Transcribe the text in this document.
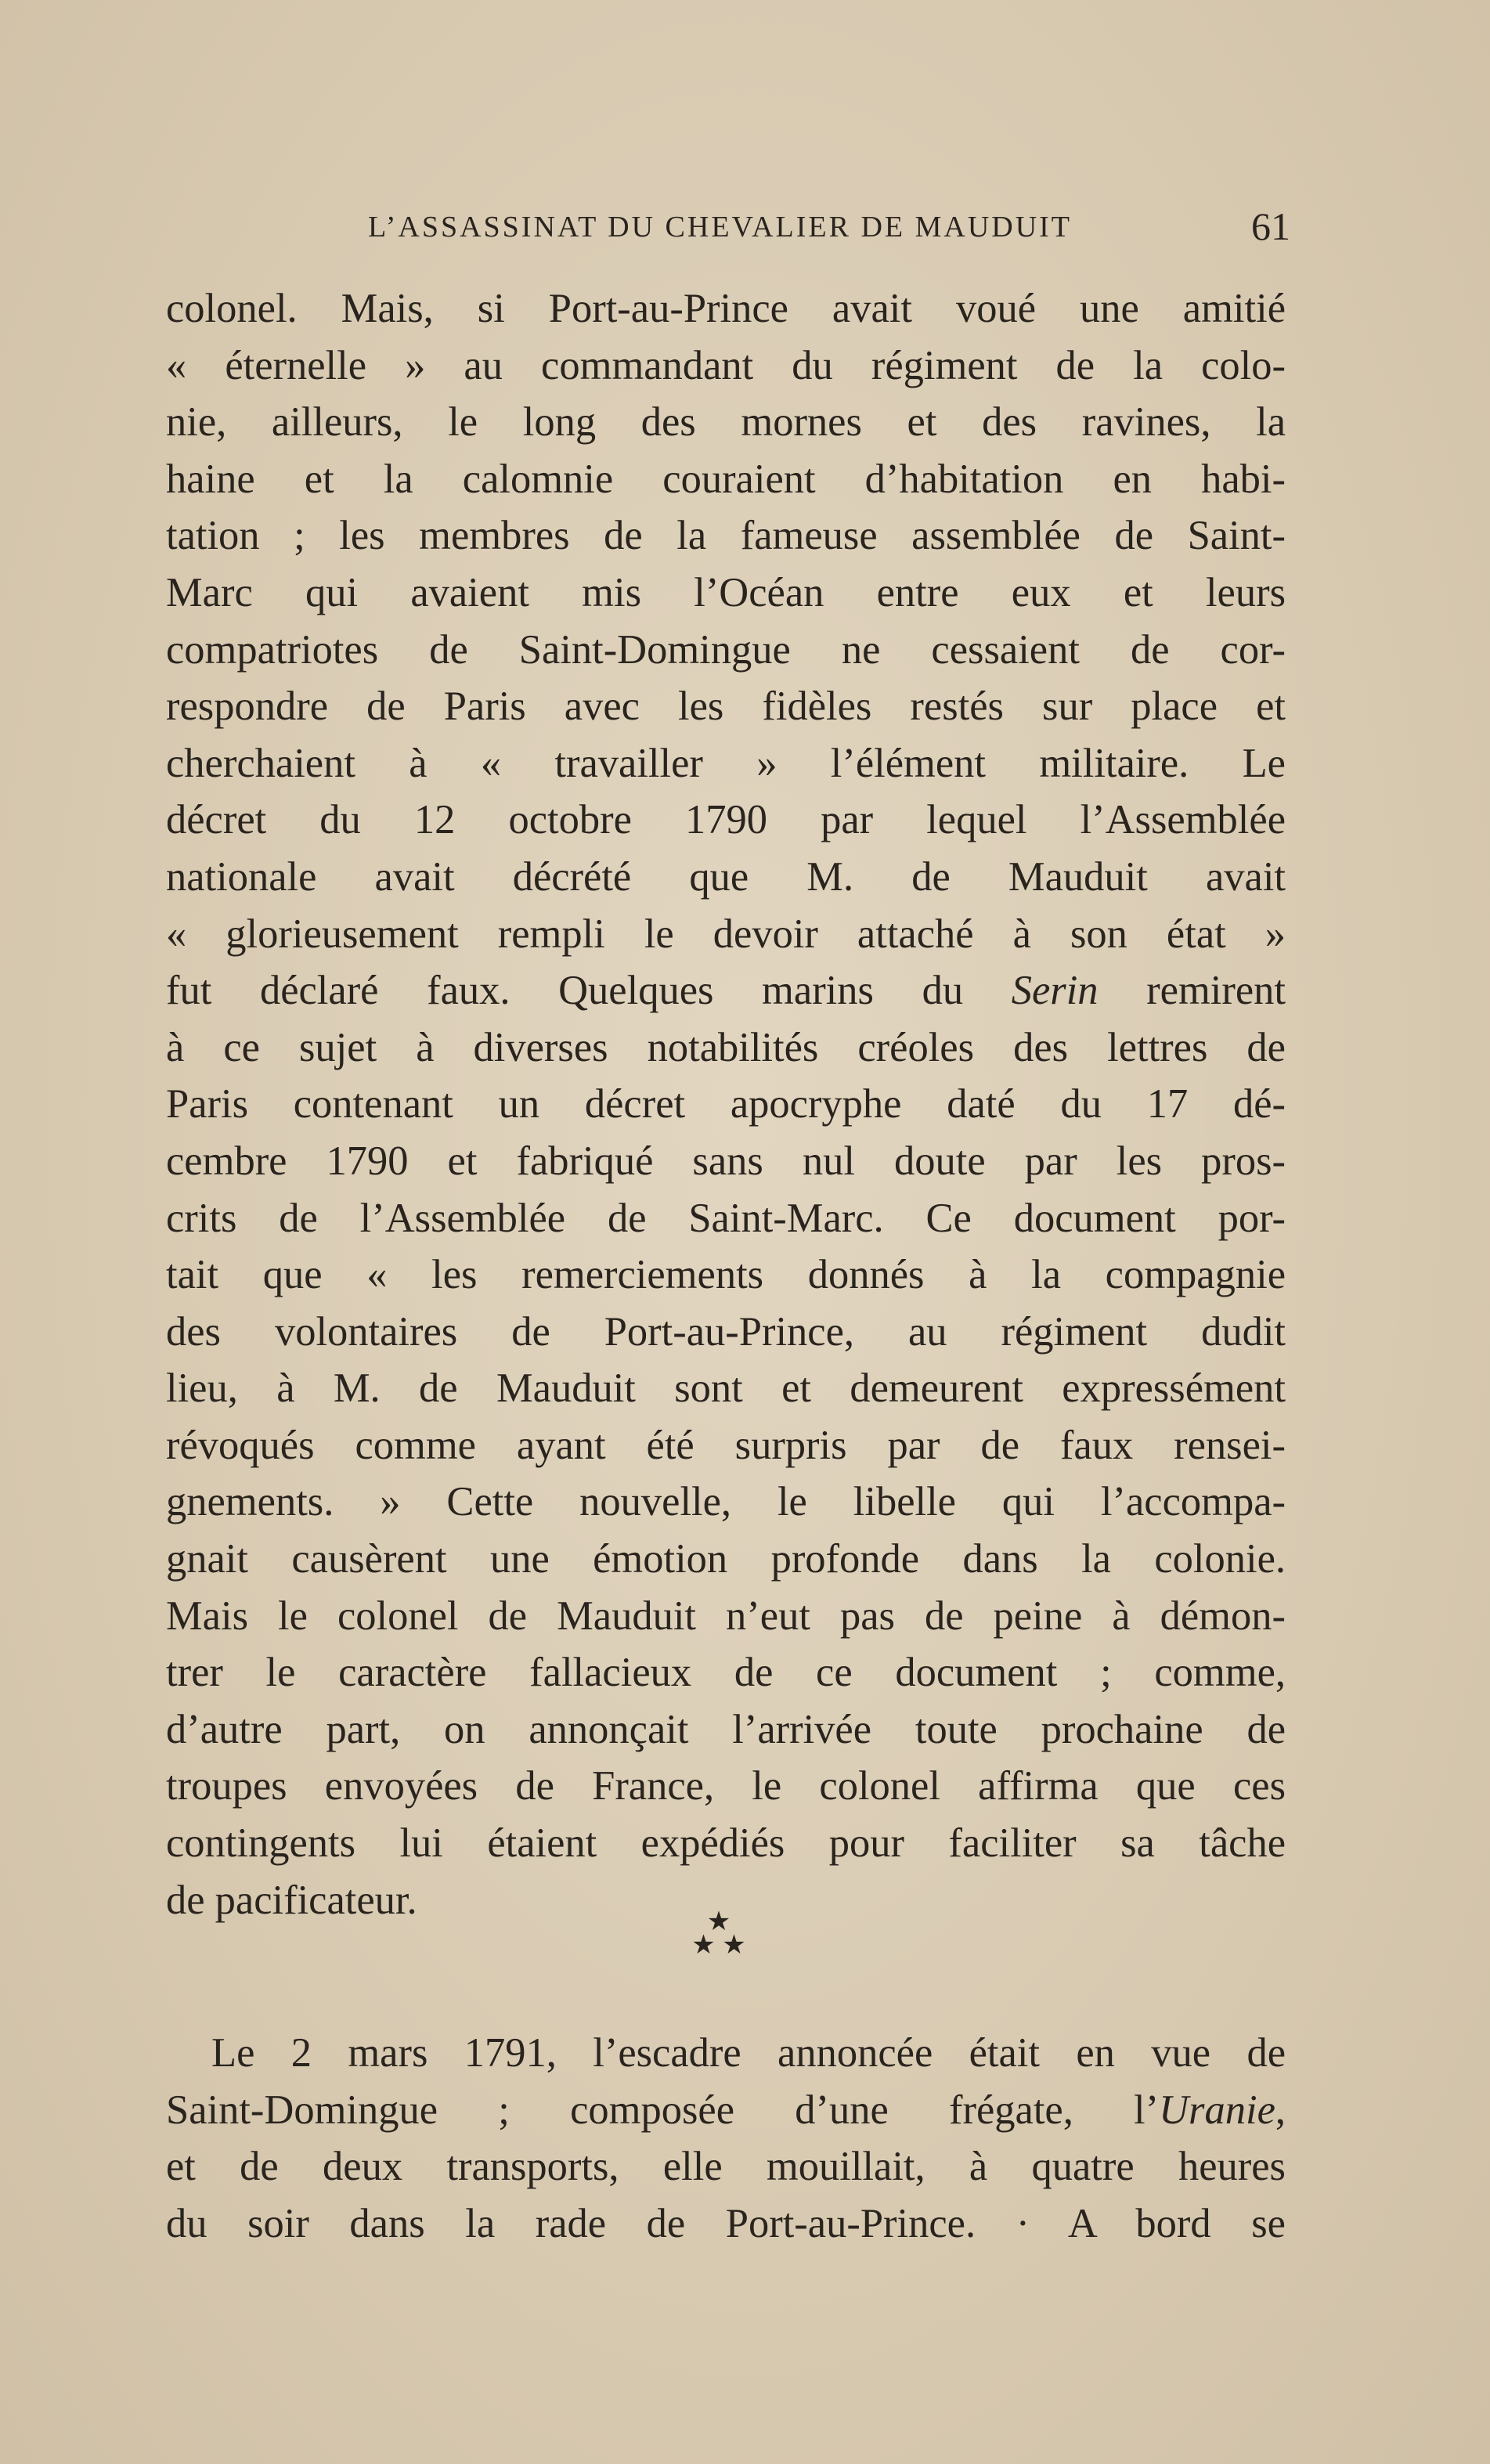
L’ASSASSINAT DU CHEVALIER DE MAUDUIT	61
colonel. Mais, si Port-au-Prince avait voué une amitié
« éternelle » au commandant du régiment de la colo-
nie, ailleurs, le long des mornes et des ravines, la
haine et la calomnie couraient d’habitation en habi-
tation ; les membres de la fameuse assemblée de Saint-
Marc qui avaient mis l’Océan entre eux et leurs
compatriotes de Saint-Domingue ne cessaient de cor-
respondre de Paris avec les fidèles restés sur place et
cherchaient à « travailler » l’élément militaire. Le
décret du 12 octobre 1790 par lequel l’Assemblée
nationale avait décrété que M. de Mauduit avait
« glorieusement rempli le devoir attaché à son état »
fut déclaré faux. Quelques marins du Serin remirent
à ce sujet à diverses notabilités créoles des lettres de
Paris contenant un décret apocryphe daté du 17 dé-
cembre 1790 et fabriqué sans nul doute par les pros-
crits de l’Assemblée de Saint-Marc. Ce document por-
tait que « les remerciements donnés à la compagnie
des volontaires de Port-au-Prince, au régiment dudit
lieu, à M. de Mauduit sont et demeurent expressément
révoqués comme ayant été surpris par de faux rensei-
gnements. » Cette nouvelle, le libelle qui l’accompa-
gnait causèrent une émotion profonde dans la colonie.
Mais le colonel de Mauduit n’eut pas de peine à démon-
trer le caractère fallacieux de ce document ; comme,
d’autre part, on annonçait l’arrivée toute prochaine de
troupes envoyées de France, le colonel affirma que ces
contingents lui étaient expédiés pour faciliter sa tâche
de pacificateur.	★
★ ★
Le 2 mars 1791, l’escadre annoncée était en vue de
Saint-Domingue ; composée d’une frégate, l’Uranie,
et de deux transports, elle mouillait, à quatre heures
du soir dans la rade de Port-au-Prince. · A bord se
